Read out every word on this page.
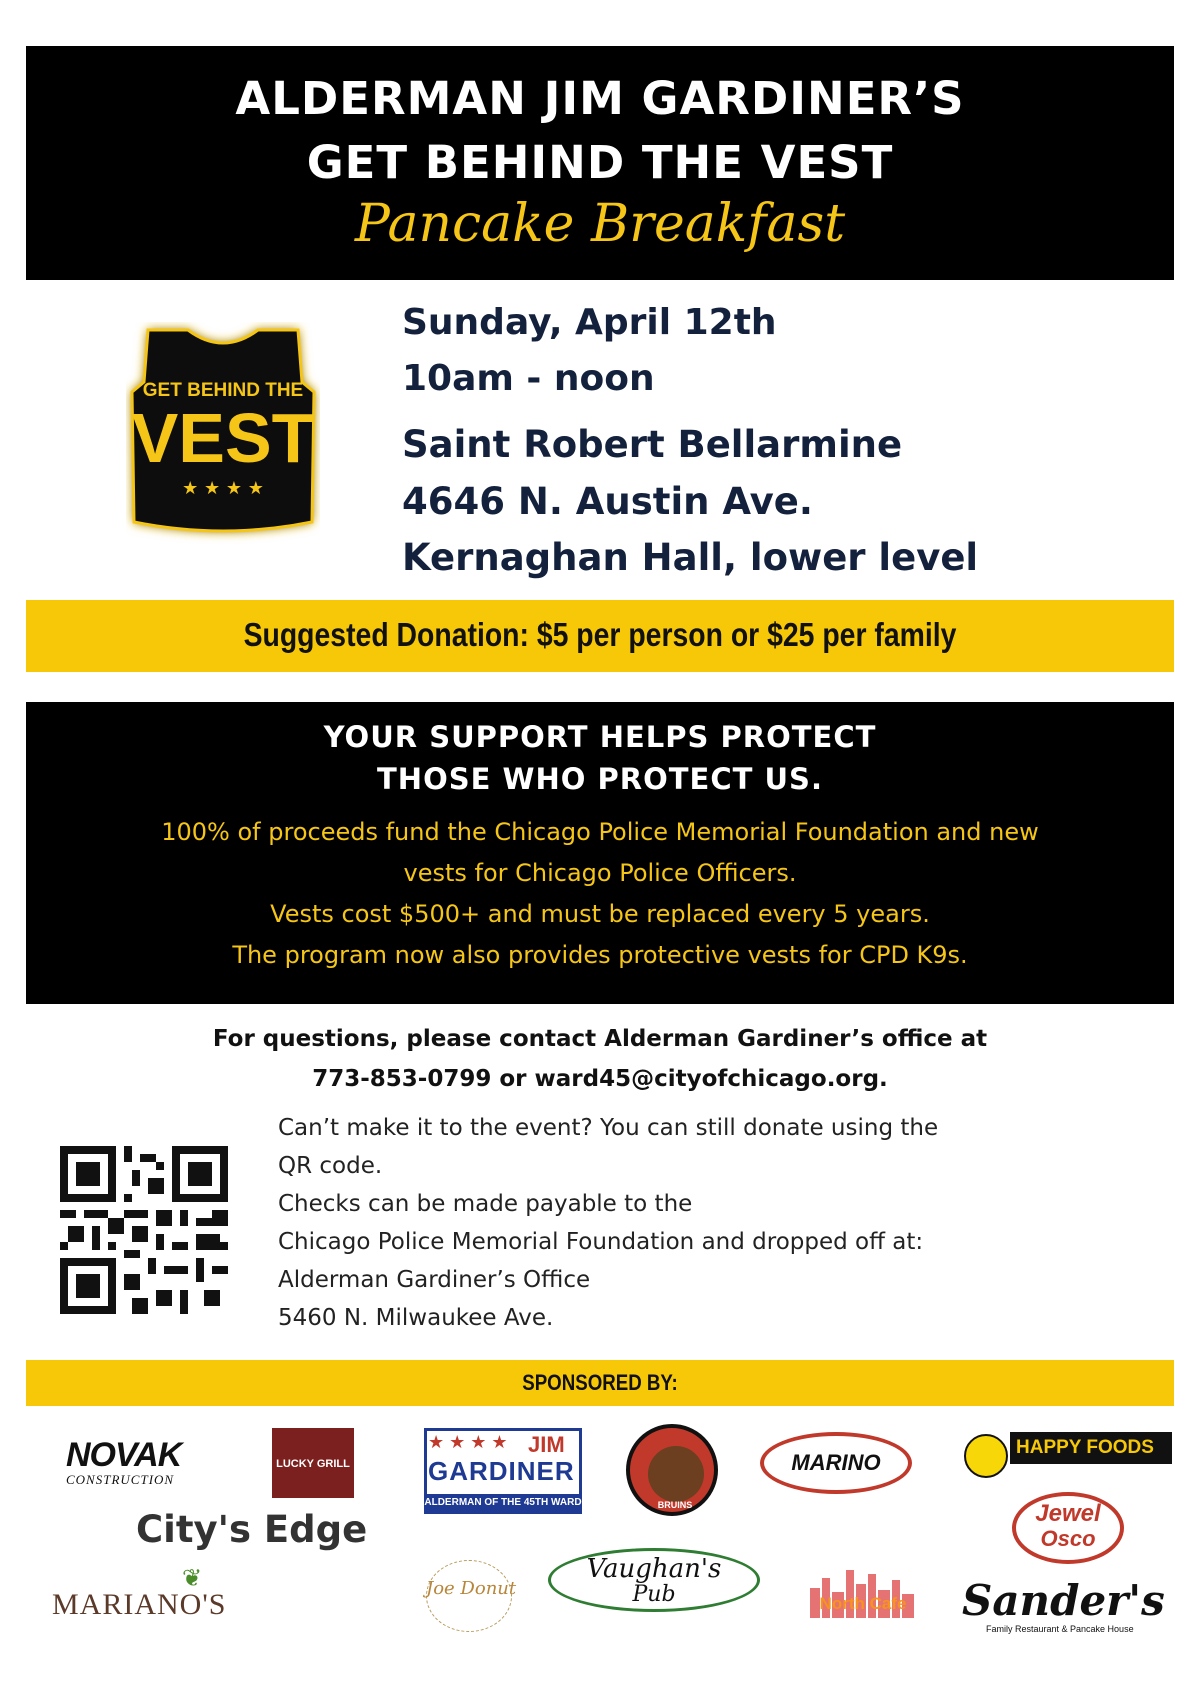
ALDERMAN JIM GARDINER’S
GET BEHIND THE VEST
Pancake Breakfast
GET BEHIND THE
VEST
★ ★ ★ ★
Sunday, April 12th
10am - noon
Saint Robert Bellarmine
4646 N. Austin Ave.
Kernaghan Hall, lower level
Suggested Donation: $5 per person or $25 per family
YOUR SUPPORT HELPS PROTECT
THOSE WHO PROTECT US.
100% of proceeds fund the Chicago Police Memorial Foundation and new
vests for Chicago Police Officers.
Vests cost $500+ and must be replaced every 5 years.
The program now also provides protective vests for CPD K9s.
For questions, please contact Alderman Gardiner’s office at
773-853-0799 or ward45@cityofchicago.org.
Can’t make it to the event? You can still donate using the
QR code.
Checks can be made payable to the
Chicago Police Memorial Foundation and dropped off at:
Alderman Gardiner’s Office
5460 N. Milwaukee Ave.
SPONSORED BY:
NOVAK
CONSTRUCTION
LUCKY GRILL
City's Edge
❦
MARIANO'S
★ ★ ★ ★ JIM
GARDINER
ALDERMAN OF THE 45TH WARD	BRUINS
MARINO
HAPPY FOODS
Jewel
Osco
Sander's
Family Restaurant & Pancake House
Joe Donut
Vaughan's
Pub	North Cafe
